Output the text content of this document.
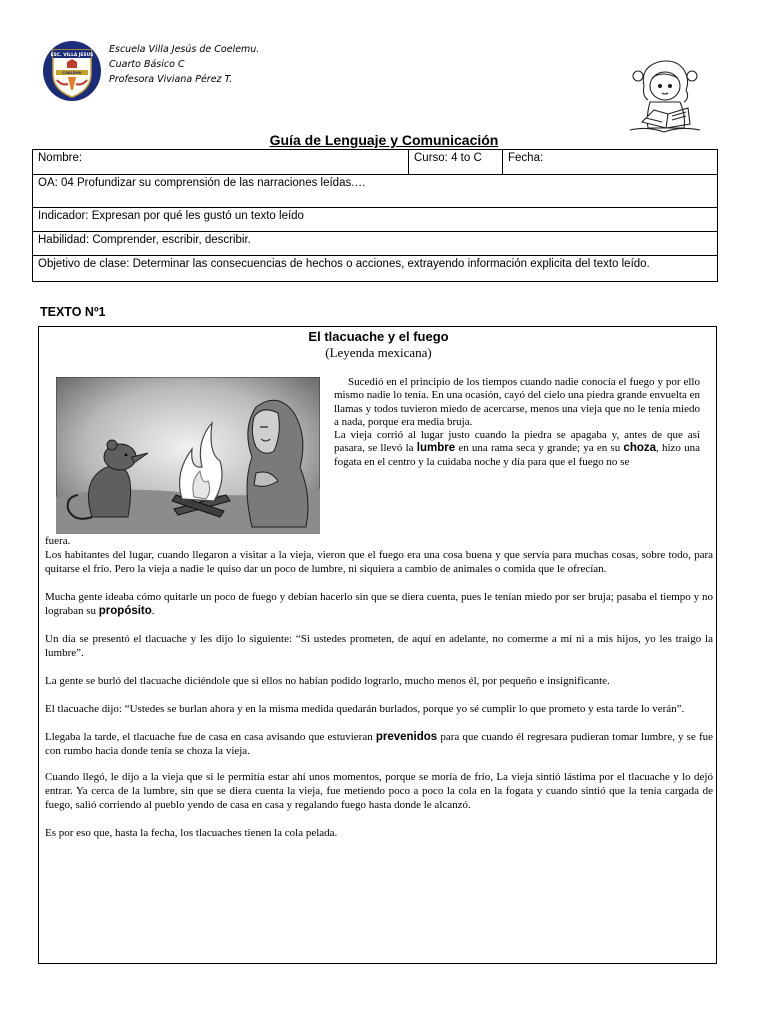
ESC. VILLA JESUS
COELEMU
Escuela Villa Jesús de Coelemu.
Cuarto Básico C
Profesora Viviana Pérez T.
Guía de Lenguaje y Comunicación
Nombre:	Curso: 4 to C	Fecha:
OA: 04 Profundizar su comprensión de las narraciones leídas.…
Indicador: Expresan por qué les gustó un texto leído
Habilidad: Comprender, escribir, describir.
Objetivo de clase: Determinar las consecuencias de hechos o acciones, extrayendo información explicita del texto leído.
TEXTO Nº1
El tlacuache y el fuego
(Leyenda mexicana)

Sucedió en el principio de los tiempos cuando nadie conocía el fuego y por ello mismo nadie lo tenía. En una ocasión, cayó del cielo una piedra grande envuelta en llamas y todos tuvieron miedo de acercarse, menos una vieja que no le tenía miedo a nada, porque era media bruja.

La vieja corrió al lugar justo cuando la piedra se apagaba y, antes de que así pasara, se llevó la lumbre en una rama seca y grande; ya en su choza, hizo una fogata en el centro y la cuidaba noche y día para que el fuego no se

fuera.

Los habitantes del lugar, cuando llegaron a visitar a la vieja, vieron que el fuego era una cosa buena y que servía para muchas cosas, sobre todo, para quitarse el frío. Pero la vieja a nadie le quiso dar un poco de lumbre, ni siquiera a cambio de animales o comida que le ofrecían.

Mucha gente ideaba cómo quitarle un poco de fuego y debían hacerlo sin que se diera cuenta, pues le tenían miedo por ser bruja; pasaba el tiempo y no lograban su propósito.

Un día se presentó el tlacuache y les dijo lo siguiente: “Si ustedes prometen, de aquí en adelante, no comerme a mí ni a mis hijos, yo les traigo la lumbre”.

La gente se burló del tlacuache diciéndole que si ellos no habían podido lograrlo, mucho menos él, por pequeño e insignificante.

El tlacuache dijo: “Ustedes se burlan ahora y en la misma medida quedarán burlados, porque yo sé cumplir lo que prometo y esta tarde lo verán”.

Llegaba la tarde, el tlacuache fue de casa en casa avisando que estuvieran prevenidos para que cuando él regresara pudieran tomar lumbre, y se fue con rumbo hacia donde tenía se choza la vieja.

Cuando llegó, le dijo a la vieja que si le permitía estar ahí unos momentos, porque se moría de frío, La vieja sintió lástima por el tlacuache y lo dejó entrar. Ya cerca de la lumbre, sin que se diera cuenta la vieja, fue metiendo poco a poco la cola en la fogata y cuando sintió que la tenía cargada de fuego, salió corriendo al pueblo yendo de casa en casa y regalando fuego hasta donde le alcanzó.

Es por eso que, hasta la fecha, los tlacuaches tienen la cola pelada.
